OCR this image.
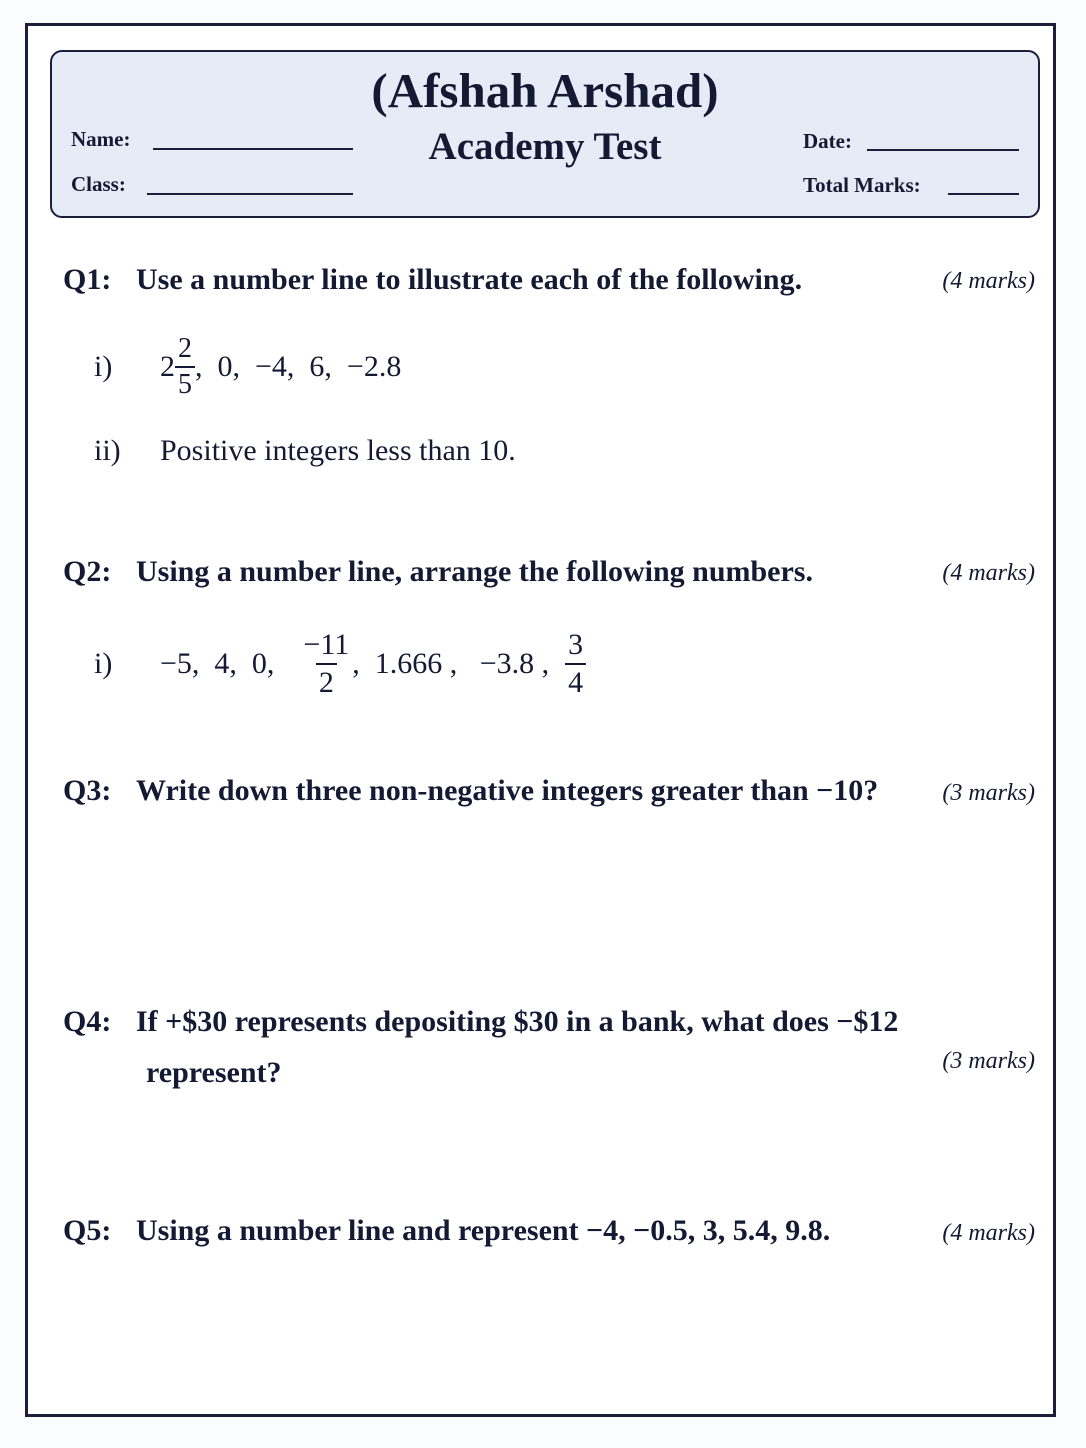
(Afshah Arshad)
Academy Test
Name:
Class:
Date:
Total Marks:
Q1: Use a number line to illustrate each of the following.	(4 marks)
i)	$2 \frac{2}{5}$ ,  0,  −4,  6,  −2.8
ii) Positive integers less than 10.
Q2: Using a number line, arrange the following numbers.	(4 marks)
i)	−5,  4,  0, $\frac{-11}{2}$ ,  1.666 ,   −3.8 , $\frac{3}{4}$
Q3: Write down three non-negative integers greater than −10?	(3 marks)
Q4: If +$30 represents depositing $30 in a bank, what does −$12
represent?	(3 marks)
Q5: Using a number line and represent −4, −0.5, 3, 5.4, 9.8.	(4 marks)
